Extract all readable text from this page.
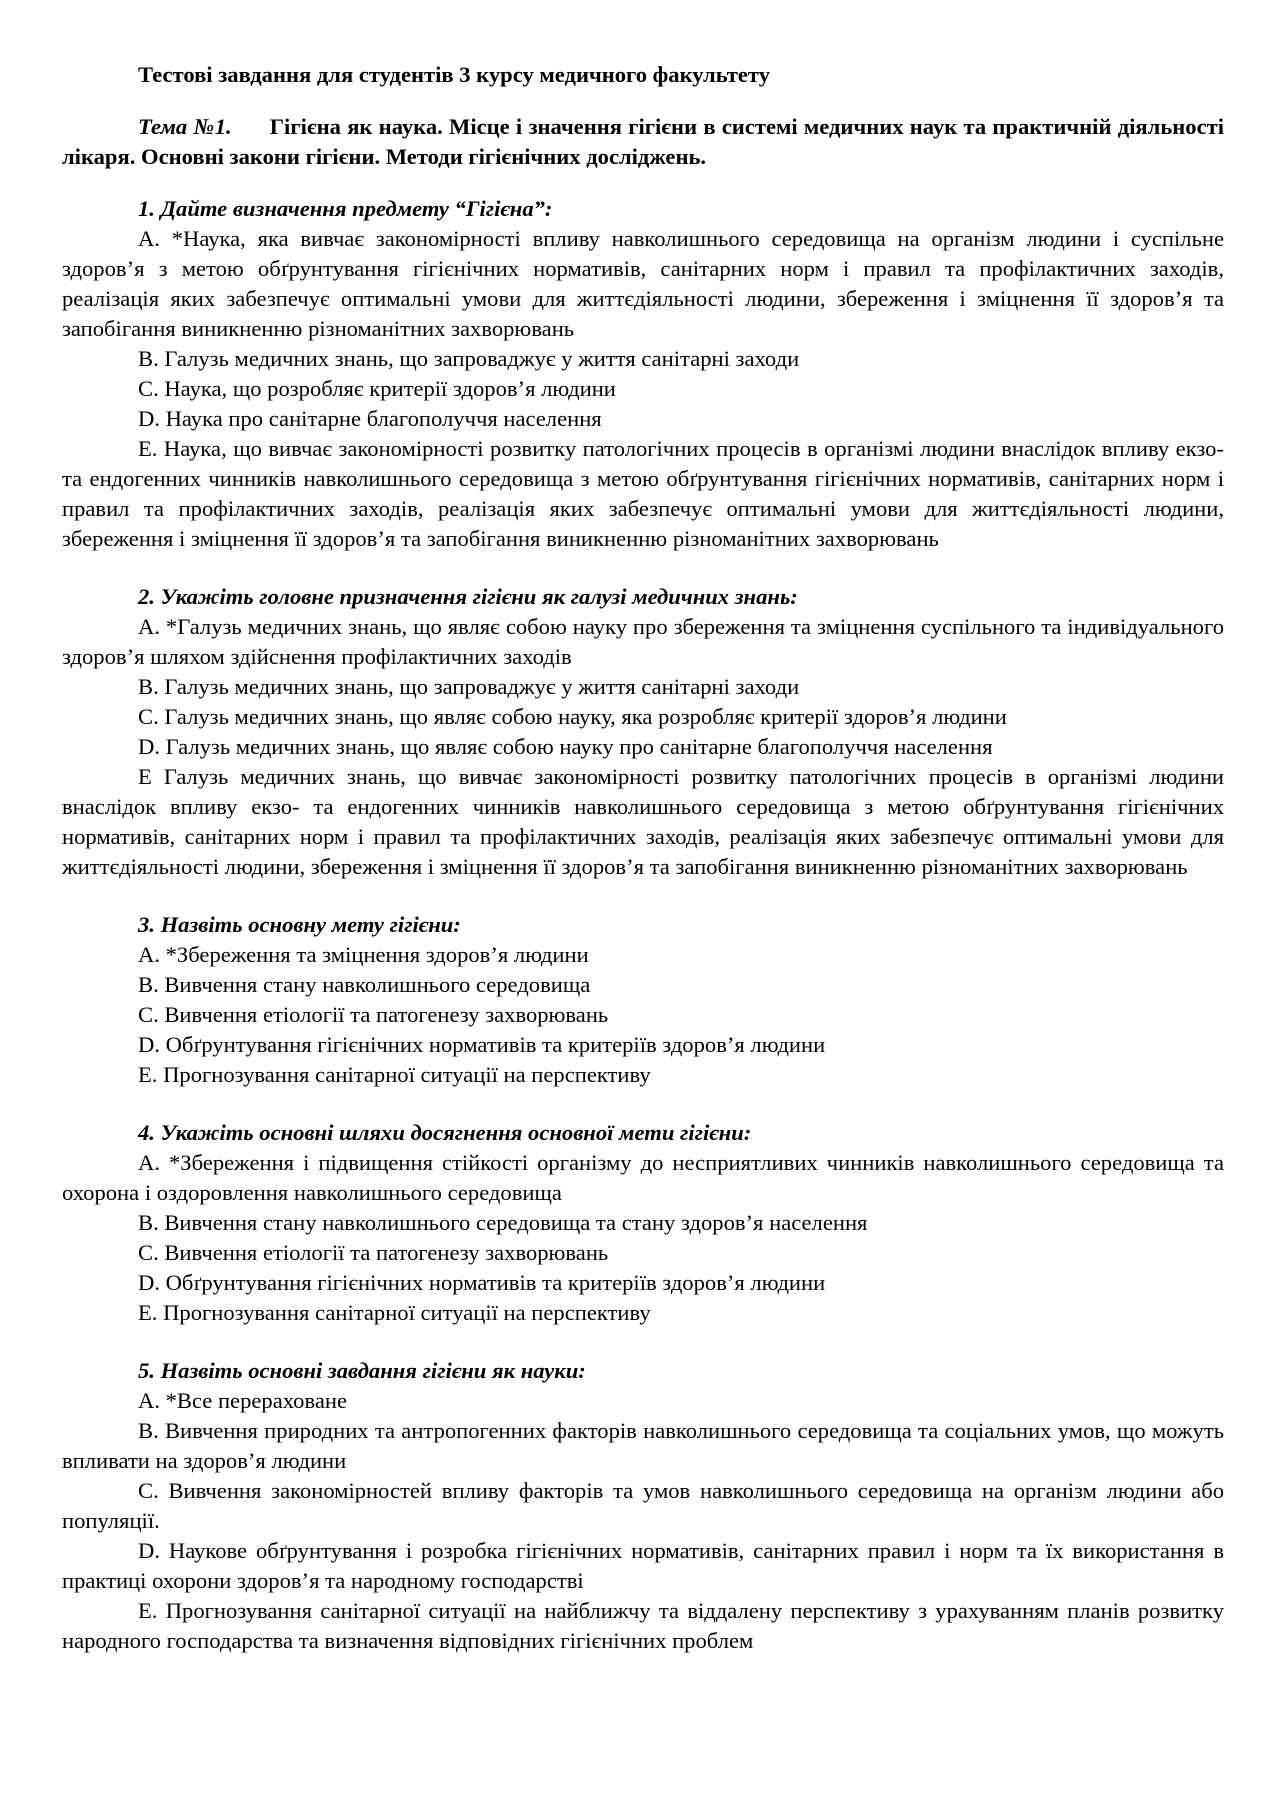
Тестові завдання для студентів 3 курсу медичного факультету

Тема №1. Гігієна як наука. Місце і значення гігієни в системі медичних наук та практичній діяльності лікаря. Основні закони гігієни. Методи гігієнічних досліджень.

1. Дайте визначення предмету “Гігієна”:

А. *Наука, яка вивчає закономірності впливу навколишнього середовища на організм людини і суспільне здоров’я з метою обґрунтування гігієнічних нормативів, санітарних норм і правил та профілактичних заходів, реалізація яких забезпечує оптимальні умови для життєдіяльності людини, збереження і зміцнення її здоров’я та запобігання виникненню різноманітних захворювань

В. Галузь медичних знань, що запроваджує у життя санітарні заходи

С. Наука, що розробляє критерії здоров’я людини

D. Наука про санітарне благополуччя населення

Е. Наука, що вивчає закономірності розвитку патологічних процесів в організмі людини внаслідок впливу екзо- та ендогенних чинників навколишнього середовища з метою обґрунтування гігієнічних нормативів, санітарних норм і правил та профілактичних заходів, реалізація яких забезпечує оптимальні умови для життєдіяльності людини, збереження і зміцнення її здоров’я та запобігання виникненню різноманітних захворювань

2. Укажіть головне призначення гігієни як галузі медичних знань:

А. *Галузь медичних знань, що являє собою науку про збереження та зміцнення суспільного та індивідуального здоров’я шляхом здійснення профілактичних заходів

В. Галузь медичних знань, що запроваджує у життя санітарні заходи

С. Галузь медичних знань, що являє собою науку, яка розробляє критерії здоров’я людини

D. Галузь медичних знань, що являє собою науку про санітарне благополуччя населення

Е Галузь медичних знань, що вивчає закономірності розвитку патологічних процесів в організмі людини внаслідок впливу екзо- та ендогенних чинників навколишнього середовища з метою обґрунтування гігієнічних нормативів, санітарних норм і правил та профілактичних заходів, реалізація яких забезпечує оптимальні умови для життєдіяльності людини, збереження і зміцнення її здоров’я та запобігання виникненню різноманітних захворювань

3. Назвіть основну мету гігієни:

А. *Збереження та зміцнення здоров’я людини

В. Вивчення стану навколишнього середовища

С. Вивчення етіології та патогенезу захворювань

D. Обґрунтування гігієнічних нормативів та критеріїв здоров’я людини

Е. Прогнозування санітарної ситуації на перспективу

4. Укажіть основні шляхи досягнення основної мети гігієни:

А. *Збереження і підвищення стійкості організму до несприятливих чинників навколишнього середовища та охорона і оздоровлення навколишнього середовища

В. Вивчення стану навколишнього середовища та стану здоров’я населення

С. Вивчення етіології та патогенезу захворювань

D. Обґрунтування гігієнічних нормативів та критеріїв здоров’я людини

Е. Прогнозування санітарної ситуації на перспективу

5. Назвіть основні завдання гігієни як науки:

А. *Все перераховане

В. Вивчення природних та антропогенних факторів навколишнього середовища та соціальних умов, що можуть впливати на здоров’я людини

С. Вивчення закономірностей впливу факторів та умов навколишнього середовища на організм людини або популяції.

D. Наукове обґрунтування і розробка гігієнічних нормативів, санітарних правил і норм та їх використання в практиці охорони здоров’я та народному господарстві

Е. Прогнозування санітарної ситуації на найближчу та віддалену перспективу з урахуванням планів розвитку народного господарства та визначення відповідних гігієнічних проблем
